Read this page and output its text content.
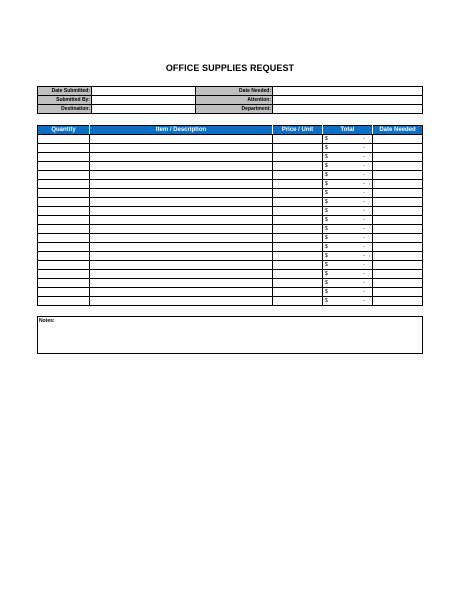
OFFICE SUPPLIES REQUEST
Date Submitted:		Date Needed:	
Submitted By:		Attention:	
Destination:		Department:	
Quantity	Item / Description	Price / Unit	Total	Date Needed

			$ -	

			$ -	

			$ -	

			$ -	

			$ -	

			$ -	

			$ -	

			$ -	

			$ -	

			$ -	

			$ -	

			$ -	

			$ -	

			$ -	

			$ -	

			$ -	

			$ -	

			$ -	

			$ -	

Notes:
